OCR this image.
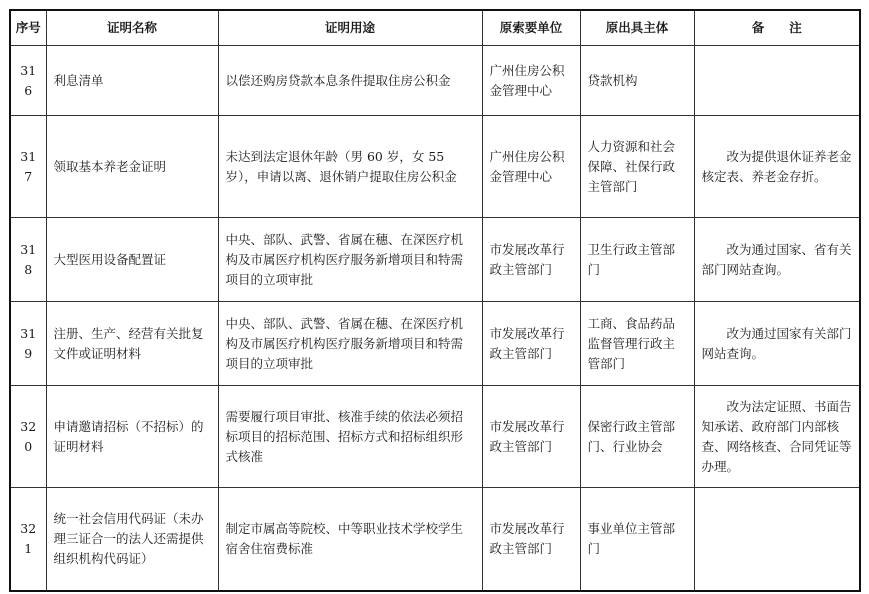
序号	证明名称	证明用途	原索要单位	原出具主体	备　　注
316	利息清单	以偿还购房贷款本息条件提取住房公积金	广州住房公积金管理中心	贷款机构	
317	领取基本养老金证明	未达到法定退休年龄（男 60 岁，女 55 岁），申请以离、退休销户提取住房公积金	广州住房公积金管理中心	人力资源和社会保障、社保行政主管部门	改为提供退休证养老金核定表、养老金存折。
318	大型医用设备配置证	中央、部队、武警、省属在穗、在深医疗机构及市属医疗机构医疗服务新增项目和特需项目的立项审批	市发展改革行政主管部门	卫生行政主管部门	改为通过国家、省有关部门网站查询。
319	注册、生产、经营有关批复文件或证明材料	中央、部队、武警、省属在穗、在深医疗机构及市属医疗机构医疗服务新增项目和特需项目的立项审批	市发展改革行政主管部门	工商、食品药品监督管理行政主管部门	改为通过国家有关部门网站查询。
320	申请邀请招标（不招标）的证明材料	需要履行项目审批、核准手续的依法必须招标项目的招标范围、招标方式和招标组织形式核准	市发展改革行政主管部门	保密行政主管部门、行业协会	改为法定证照、书面告知承诺、政府部门内部核查、网络核查、合同凭证等办理。
321	统一社会信用代码证（未办理三证合一的法人还需提供组织机构代码证）	制定市属高等院校、中等职业技术学校学生宿舍住宿费标准	市发展改革行政主管部门	事业单位主管部门	
